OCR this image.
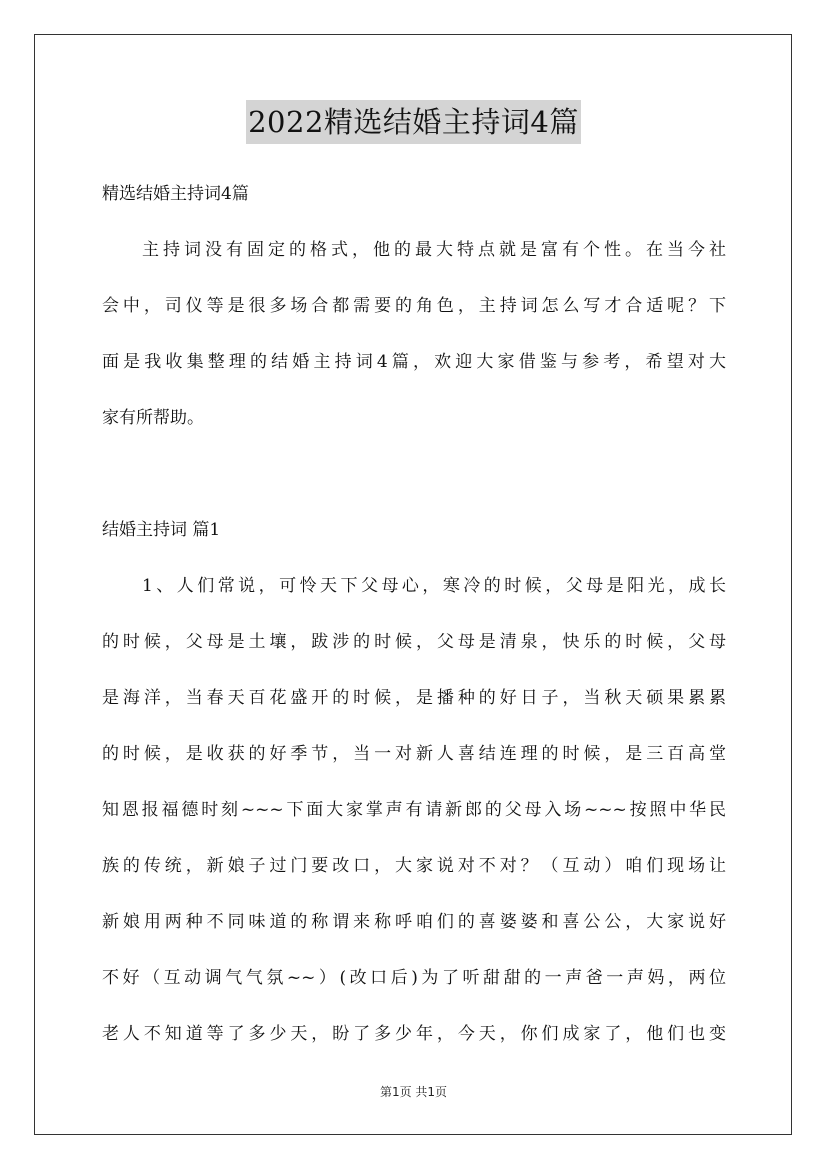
2022精选结婚主持词4篇
精选结婚主持词4篇
主持词没有固定的格式，他的最大特点就是富有个性。在当今社
会中，司仪等是很多场合都需要的角色，主持词怎么写才合适呢？下
面是我收集整理的结婚主持词4篇，欢迎大家借鉴与参考，希望对大
家有所帮助。
结婚主持词 篇1
1、人们常说，可怜天下父母心，寒冷的时候，父母是阳光，成长
的时候，父母是土壤，跋涉的时候，父母是清泉，快乐的时候，父母
是海洋，当春天百花盛开的时候，是播种的好日子，当秋天硕果累累
的时候，是收获的好季节，当一对新人喜结连理的时候，是三百高堂
知恩报福德时刻~~~下面大家掌声有请新郎的父母入场~~~按照中华民
族的传统，新娘子过门要改口，大家说对不对？（互动）咱们现场让
新娘用两种不同味道的称谓来称呼咱们的喜婆婆和喜公公，大家说好
不好（互动调气气氛~~）(改口后)为了听甜甜的一声爸一声妈，两位
老人不知道等了多少天，盼了多少年，今天，你们成家了，他们也变
第1页 共1页
